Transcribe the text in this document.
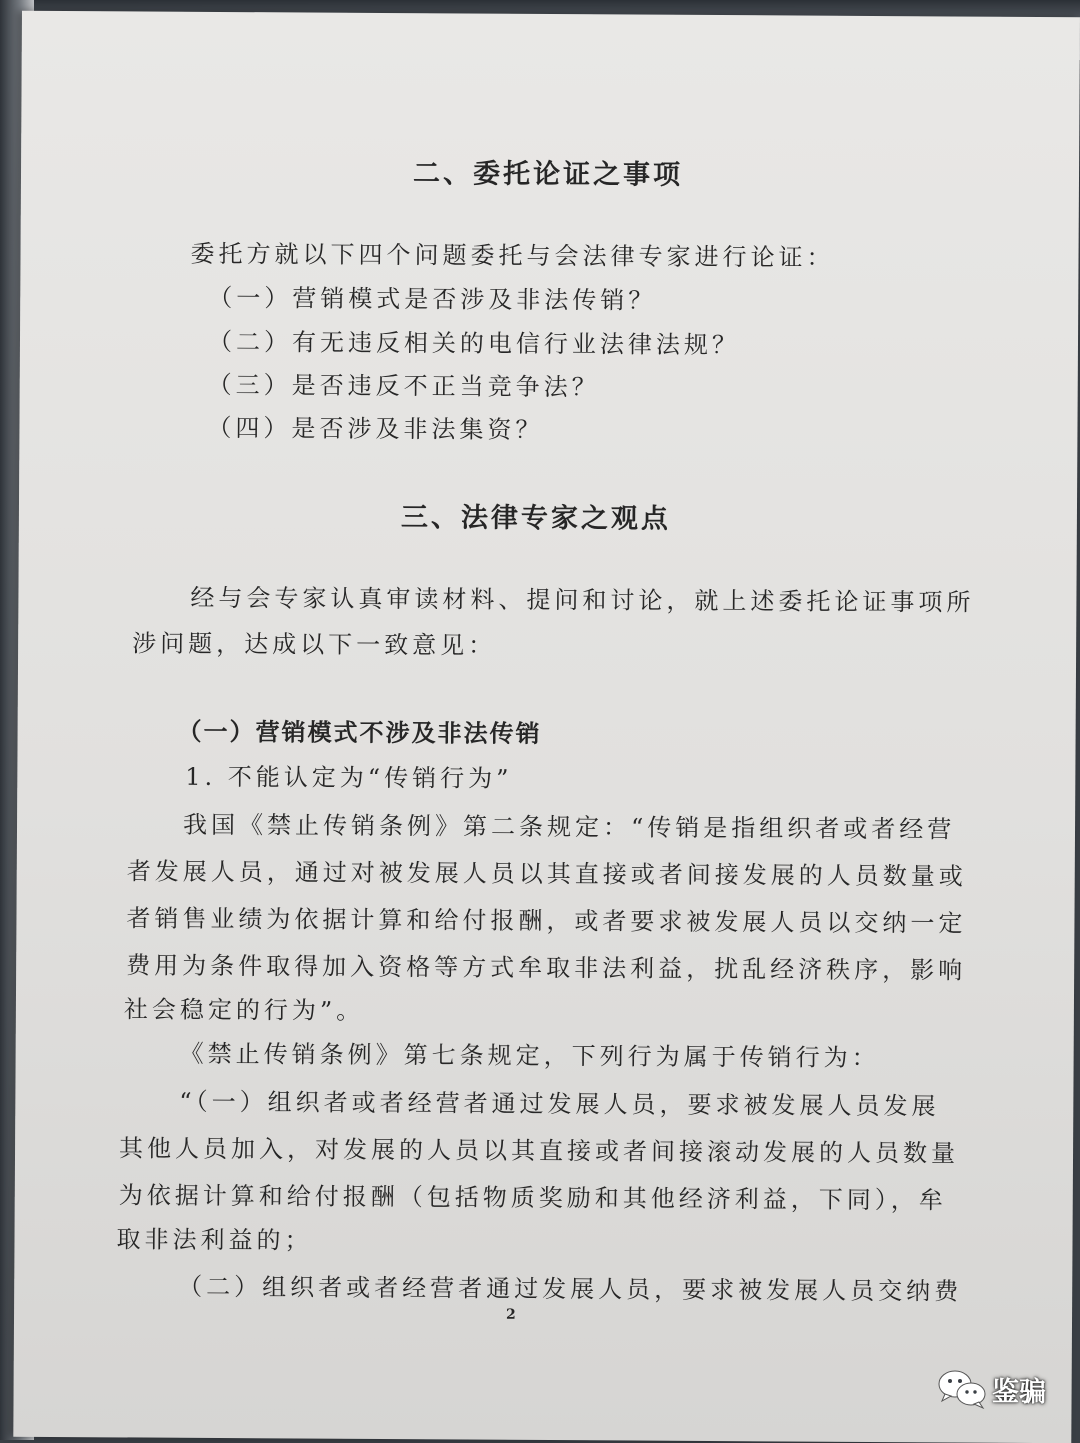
二、委托论证之事项
委托方就以下四个问题委托与会法律专家进行论证：
（一）营销模式是否涉及非法传销？
（二）有无违反相关的电信行业法律法规？
（三）是否违反不正当竞争法？
（四）是否涉及非法集资？
三、法律专家之观点
经与会专家认真审读材料、提问和讨论，就上述委托论证事项所
涉问题，达成以下一致意见：
（一）营销模式不涉及非法传销
1. 不能认定为“传销行为”
我国《禁止传销条例》第二条规定：“传销是指组织者或者经营
者发展人员，通过对被发展人员以其直接或者间接发展的人员数量或
者销售业绩为依据计算和给付报酬，或者要求被发展人员以交纳一定
费用为条件取得加入资格等方式牟取非法利益，扰乱经济秩序，影响
社会稳定的行为”。
《禁止传销条例》第七条规定，下列行为属于传销行为：
“（一）组织者或者经营者通过发展人员，要求被发展人员发展
其他人员加入，对发展的人员以其直接或者间接滚动发展的人员数量
为依据计算和给付报酬（包括物质奖励和其他经济利益，下同），牟
取非法利益的；
（二）组织者或者经营者通过发展人员，要求被发展人员交纳费
2
鉴骗
